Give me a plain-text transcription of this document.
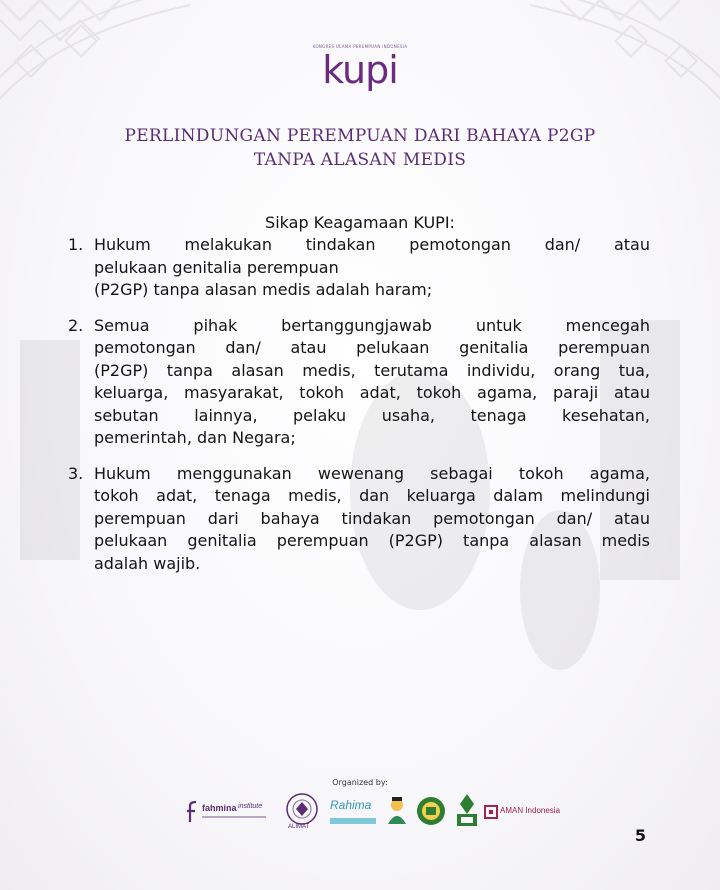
KONGRES ULAMA PEREMPUAN INDONESIA
kupi
PERLINDUNGAN PEREMPUAN DARI BAHAYA P2GP
TANPA ALASAN MEDIS
Sikap Keagamaan KUPI:
1. Hukum melakukan tindakan pemotongan dan/ atau
pelukaan genitalia perempuan
(P2GP) tanpa alasan medis adalah haram;
2. Semua pihak bertanggungjawab untuk mencegah
pemotongan dan/ atau pelukaan genitalia perempuan
(P2GP) tanpa alasan medis, terutama individu, orang tua,
keluarga, masyarakat, tokoh adat, tokoh agama, paraji atau
sebutan lainnya, pelaku usaha, tenaga kesehatan,
pemerintah, dan Negara;
3. Hukum menggunakan wewenang sebagai tokoh agama,
tokoh adat, tenaga medis, dan keluarga dalam melindungi
perempuan dari bahaya tindakan pemotongan dan/ atau
pelukaan genitalia perempuan (P2GP) tanpa alasan medis
adalah wajib.
Organized by:
fahmina institute
ALIMAT
Rahima	AMAN Indonesia
5
